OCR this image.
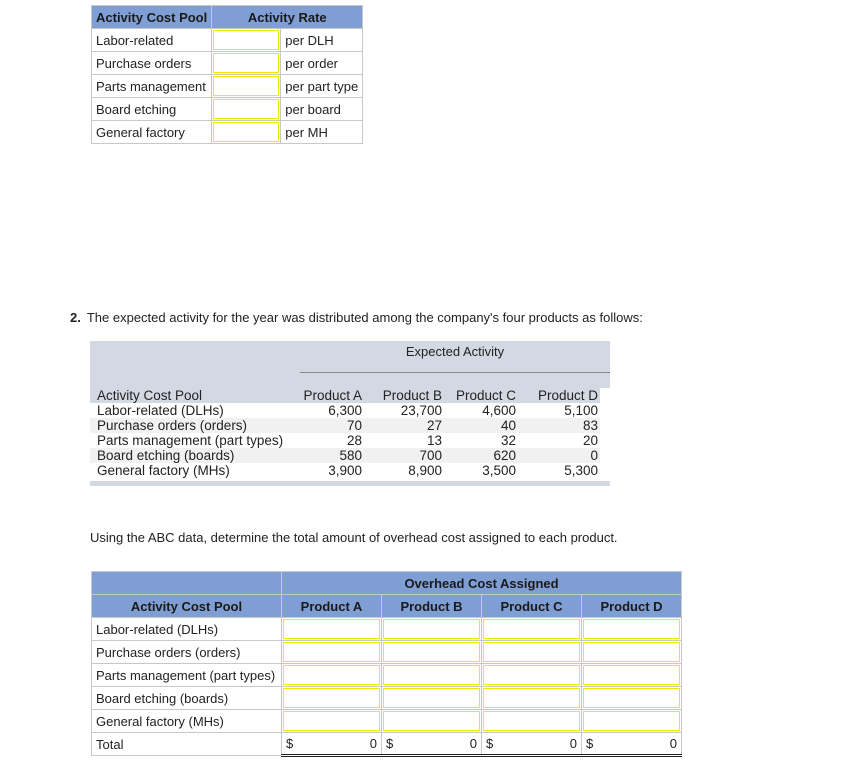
Activity Cost Pool	Activity Rate	
Labor-related		per DLH
Purchase orders		per order
Parts management		per part type
Board etching		per board
General factory		per MH
2. The expected activity for the year was distributed among the company's four products as follows:
Expected Activity
Activity Cost Pool	Product A	Product B	Product C	Product D
Labor-related (DLHs)	6,300	23,700	4,600	5,100
Purchase orders (orders)	70	27	40	83
Parts management (part types)	28	13	32	20
Board etching (boards)	580	700	620	0
General factory (MHs)	3,900	8,900	3,500	5,300
Using the ABC data, determine the total amount of overhead cost assigned to each product.
	Overhead Cost Assigned			
Activity Cost Pool	Product A	Product B	Product C	Product D
Labor-related (DLHs)				
Purchase orders (orders)				
Parts management (part types)				
Board etching (boards)				
General factory (MHs)				
Total	$ 0	$ 0	$ 0	$ 0
